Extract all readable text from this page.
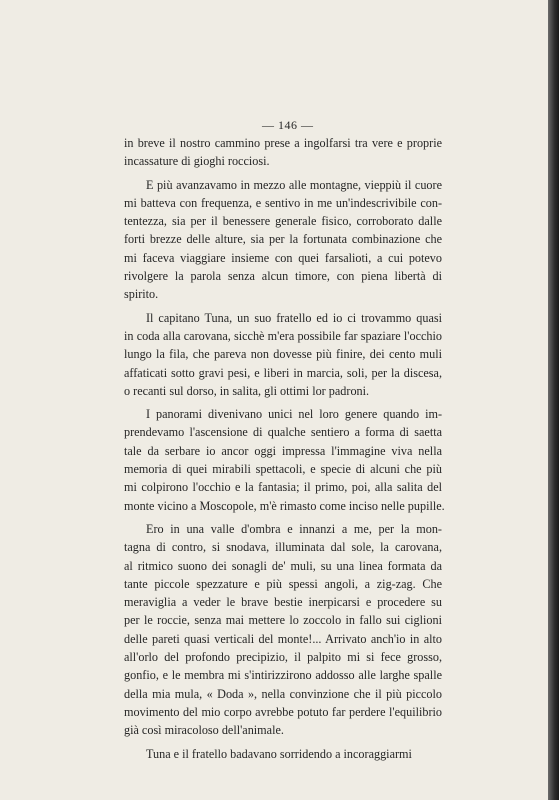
— 146 —
in breve il nostro cammino prese a ingolfarsi tra vere e proprie
incassature di gioghi rocciosi.
E più avanzavamo in mezzo alle montagne, vieppiù il cuore
mi batteva con frequenza, e sentivo in me un'indescrivibile con-
tentezza, sia per il benessere generale fisico, corroborato dalle
forti brezze delle alture, sia per la fortunata combinazione che
mi faceva viaggiare insieme con quei farsalioti, a cui potevo
rivolgere la parola senza alcun timore, con piena libertà di
spirito.
Il capitano Tuna, un suo fratello ed io ci trovammo quasi
in coda alla carovana, sicchè m'era possibile far spaziare l'occhio
lungo la fila, che pareva non dovesse più finire, dei cento muli
affaticati sotto gravi pesi, e liberi in marcia, soli, per la discesa,
o recanti sul dorso, in salita, gli ottimi lor padroni.
I panorami divenivano unici nel loro genere quando im-
prendevamo l'ascensione di qualche sentiero a forma di saetta
tale da serbare io ancor oggi impressa l'immagine viva nella
memoria di quei mirabili spettacoli, e specie di alcuni che più
mi colpirono l'occhio e la fantasia; il primo, poi, alla salita del
monte vicino a Moscopole, m'è rimasto come inciso nelle pupille.
Ero in una valle d'ombra e innanzi a me, per la mon-
tagna di contro, si snodava, illuminata dal sole, la carovana,
al ritmico suono dei sonagli de' muli, su una linea formata da
tante piccole spezzature e più spessi angoli, a zig-zag. Che
meraviglia a veder le brave bestie inerpicarsi e procedere su
per le roccie, senza mai mettere lo zoccolo in fallo sui ciglioni
delle pareti quasi verticali del monte!... Arrivato anch'io in alto
all'orlo del profondo precipizio, il palpito mi si fece grosso,
gonfio, e le membra mi s'intirizzirono addosso alle larghe spalle
della mia mula, « Doda », nella convinzione che il più piccolo
movimento del mio corpo avrebbe potuto far perdere l'equilibrio
già così miracoloso dell'animale.
Tuna e il fratello badavano sorridendo a incoraggiarmi
